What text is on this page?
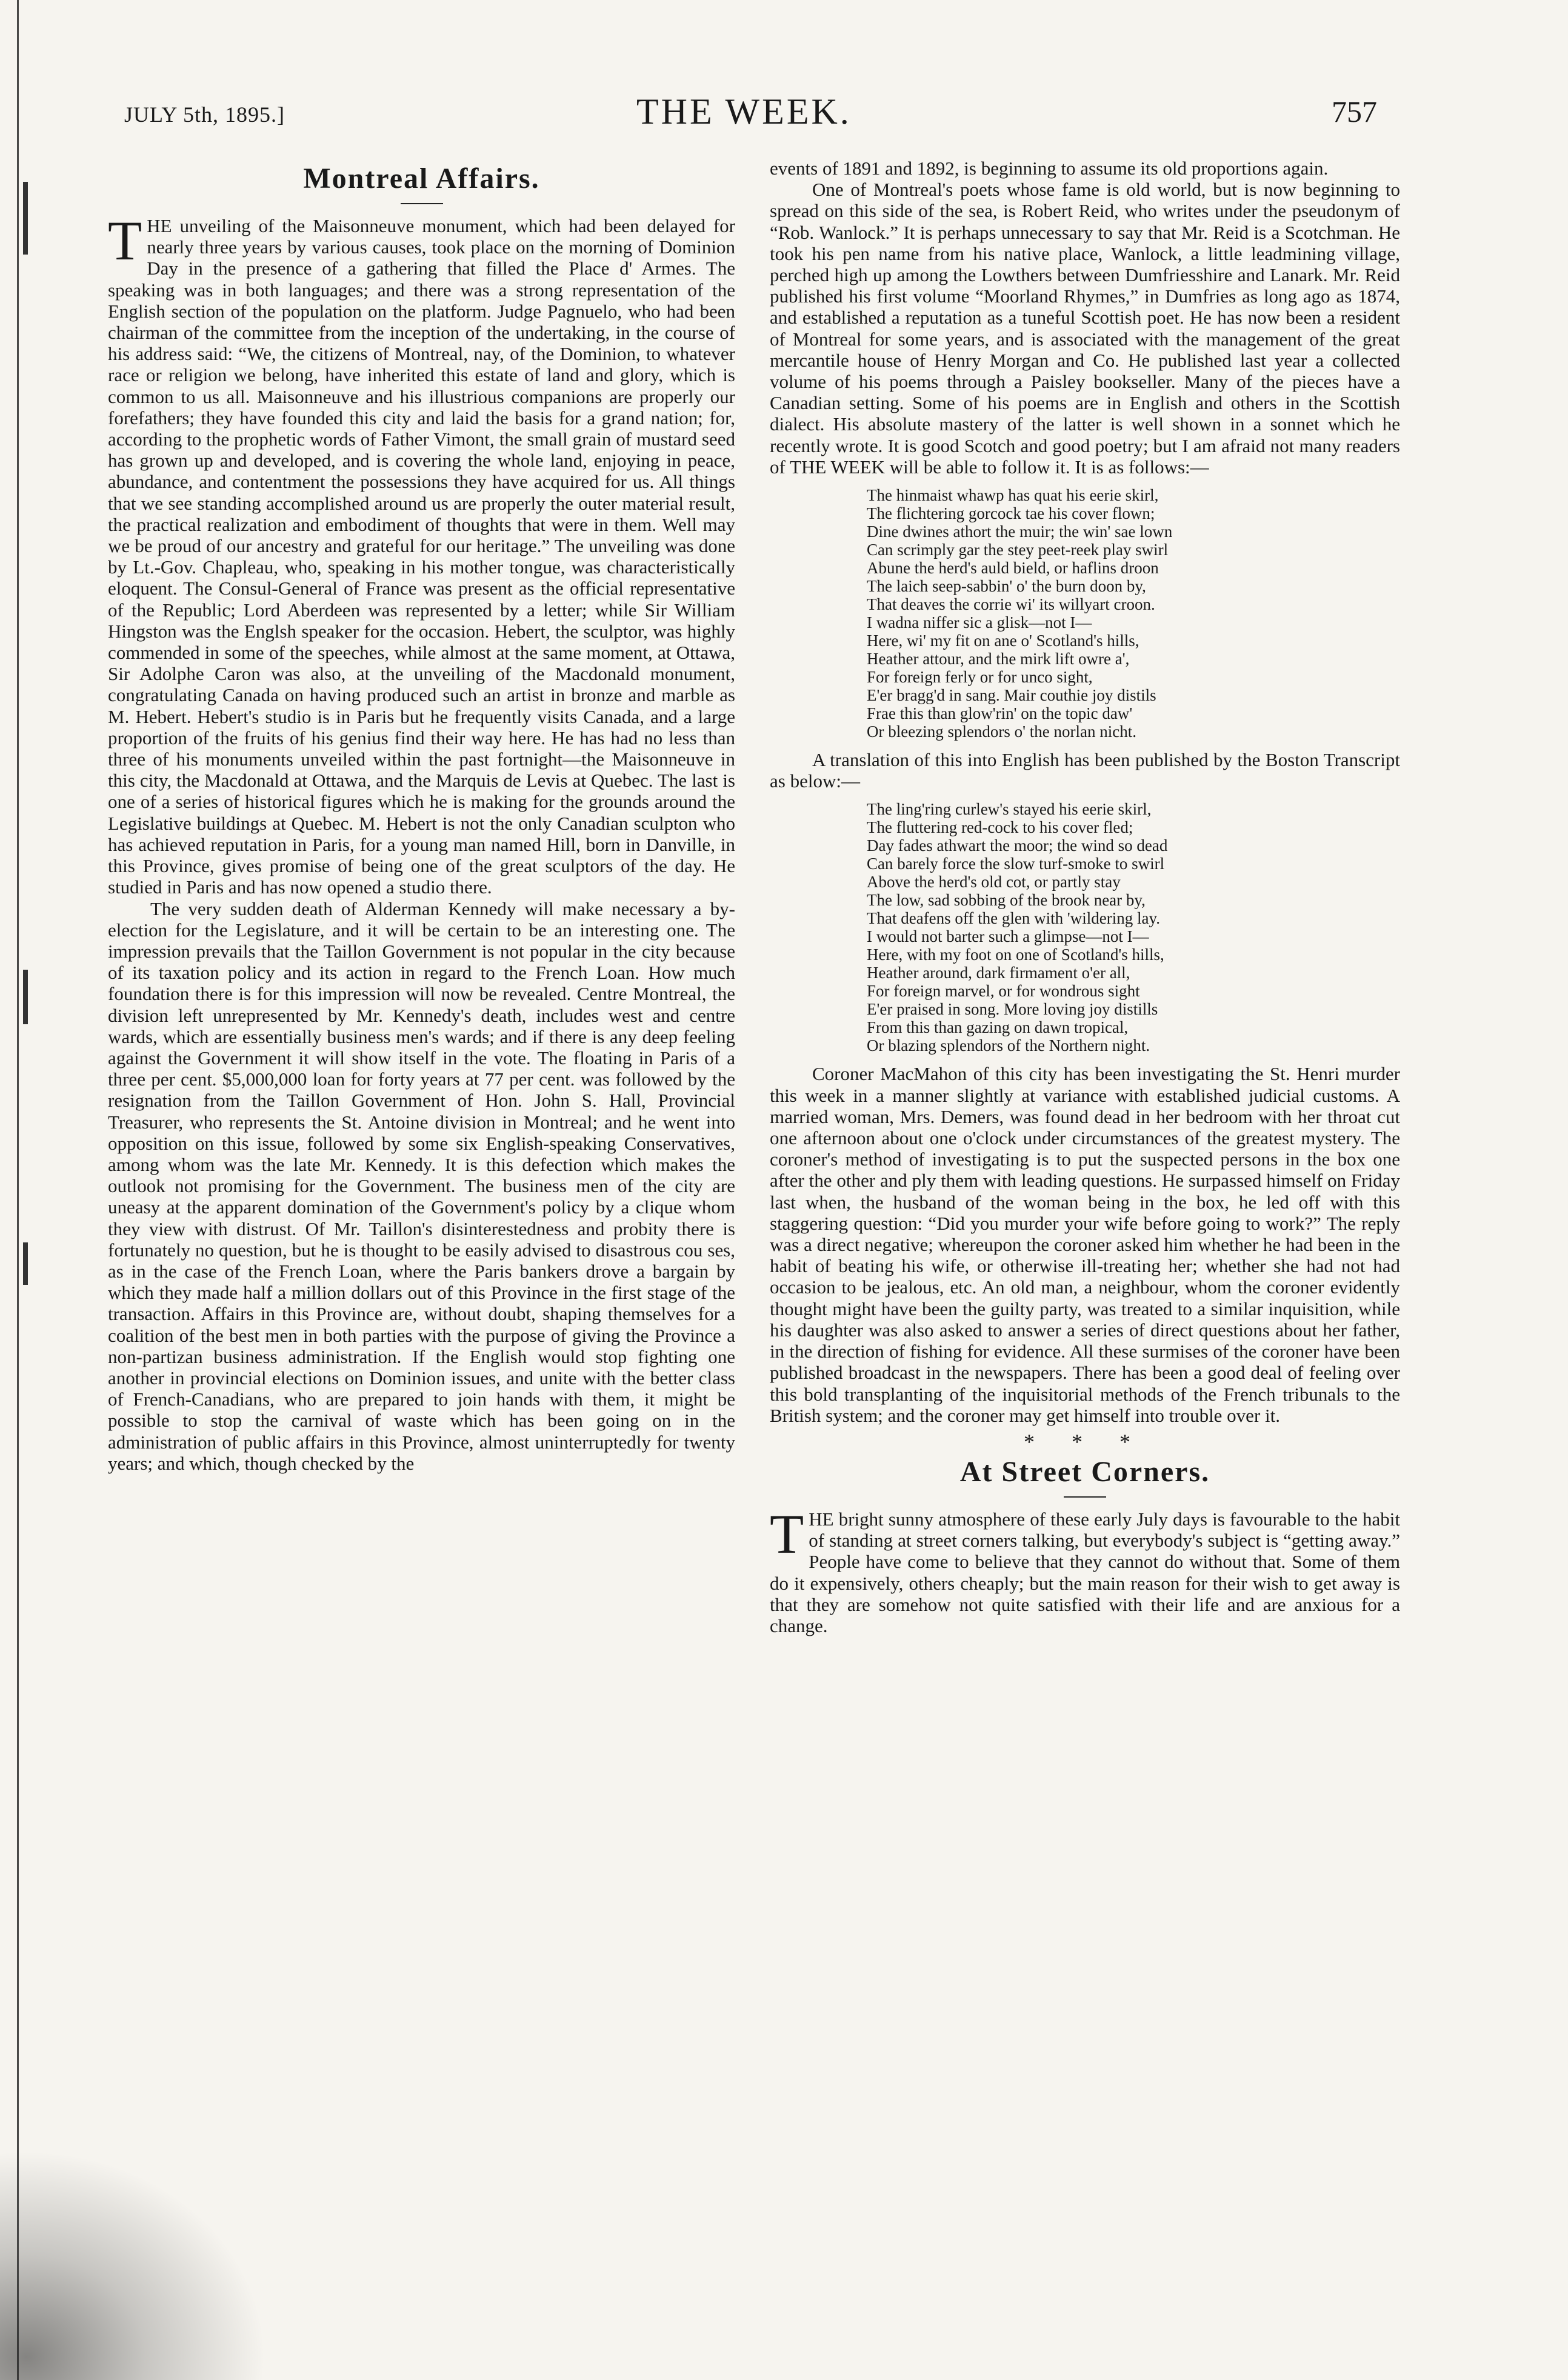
JULY 5th, 1895.]	THE WEEK.	757
Montreal Affairs.

THE unveiling of the Maisonneuve monument, which had been delayed for nearly three years by various causes, took place on the morning of Dominion Day in the presence of a gathering that filled the Place d' Armes. The speaking was in both languages; and there was a strong representation of the English section of the population on the platform. Judge Pagnuelo, who had been chairman of the committee from the inception of the undertaking, in the course of his address said: “We, the citizens of Montreal, nay, of the Dominion, to whatever race or religion we belong, have inherited this estate of land and glory, which is common to us all. Maisonneuve and his illustrious companions are properly our forefathers; they have founded this city and laid the basis for a grand nation; for, according to the prophetic words of Father Vimont, the small grain of mustard seed has grown up and developed, and is covering the whole land, enjoying in peace, abundance, and contentment the possessions they have acquired for us. All things that we see standing accomplished around us are properly the outer material result, the practical realization and embodiment of thoughts that were in them. Well may we be proud of our ancestry and grateful for our heritage.” The unveiling was done by Lt.-Gov. Chapleau, who, speaking in his mother tongue, was characteristically eloquent. The Consul-General of France was present as the official representative of the Republic; Lord Aberdeen was represented by a letter; while Sir William Hingston was the Englsh speaker for the occasion. Hebert, the sculptor, was highly commended in some of the speeches, while almost at the same moment, at Ottawa, Sir Adolphe Caron was also, at the unveiling of the Macdonald monument, congratulating Canada on having produced such an artist in bronze and marble as M. Hebert. Hebert's studio is in Paris but he frequently visits Canada, and a large proportion of the fruits of his genius find their way here. He has had no less than three of his monuments unveiled within the past fortnight—the Maisonneuve in this city, the Macdonald at Ottawa, and the Marquis de Levis at Quebec. The last is one of a series of historical figures which he is making for the grounds around the Legislative buildings at Quebec. M. Hebert is not the only Canadian sculpton who has achieved reputation in Paris, for a young man named Hill, born in Danville, in this Province, gives promise of being one of the great sculptors of the day. He studied in Paris and has now opened a studio there.

The very sudden death of Alderman Kennedy will make necessary a by-election for the Legislature, and it will be certain to be an interesting one. The impression prevails that the Taillon Government is not popular in the city because of its taxation policy and its action in regard to the French Loan. How much foundation there is for this impression will now be revealed. Centre Montreal, the division left unrepresented by Mr. Kennedy's death, includes west and centre wards, which are essentially business men's wards; and if there is any deep feeling against the Government it will show itself in the vote. The floating in Paris of a three per cent. $5,000,000 loan for forty years at 77 per cent. was followed by the resignation from the Taillon Government of Hon. John S. Hall, Provincial Treasurer, who represents the St. Antoine division in Montreal; and he went into opposition on this issue, followed by some six English-speaking Conservatives, among whom was the late Mr. Kennedy. It is this defection which makes the outlook not promising for the Government. The business men of the city are uneasy at the apparent domination of the Government's policy by a clique whom they view with distrust. Of Mr. Taillon's disinterestedness and probity there is fortunately no question, but he is thought to be easily advised to disastrous cou ses, as in the case of the French Loan, where the Paris bankers drove a bargain by which they made half a million dollars out of this Province in the first stage of the transaction. Affairs in this Province are, without doubt, shaping themselves for a coalition of the best men in both parties with the purpose of giving the Province a non-partizan business administration. If the English would stop fighting one another in provincial elections on Dominion issues, and unite with the better class of French-Canadians, who are prepared to join hands with them, it might be possible to stop the carnival of waste which has been going on in the administration of public affairs in this Province, almost uninterruptedly for twenty years; and which, though checked by the

events of 1891 and 1892, is beginning to assume its old proportions again.

One of Montreal's poets whose fame is old world, but is now beginning to spread on this side of the sea, is Robert Reid, who writes under the pseudonym of “Rob. Wanlock.” It is perhaps unnecessary to say that Mr. Reid is a Scotchman. He took his pen name from his native place, Wanlock, a little leadmining village, perched high up among the Lowthers between Dumfriesshire and Lanark. Mr. Reid published his first volume “Moorland Rhymes,” in Dumfries as long ago as 1874, and established a reputation as a tuneful Scottish poet. He has now been a resident of Montreal for some years, and is associated with the management of the great mercantile house of Henry Morgan and Co. He published last year a collected volume of his poems through a Paisley bookseller. Many of the pieces have a Canadian setting. Some of his poems are in English and others in the Scottish dialect. His absolute mastery of the latter is well shown in a sonnet which he recently wrote. It is good Scotch and good poetry; but I am afraid not many readers of THE WEEK will be able to follow it. It is as follows:—

The hinmaist whawp has quat his eerie skirl,
The flichtering gorcock tae his cover flown;
Dine dwines athort the muir; the win' sae lown
Can scrimply gar the stey peet-reek play swirl
Abune the herd's auld bield, or haflins droon
The laich seep-sabbin' o' the burn doon by,
That deaves the corrie wi' its willyart croon.
I wadna niffer sic a glisk—not I—
Here, wi' my fit on ane o' Scotland's hills,
Heather attour, and the mirk lift owre a',
For foreign ferly or for unco sight,
E'er bragg'd in sang. Mair couthie joy distils
Frae this than glow'rin' on the topic daw'
Or bleezing splendors o' the norlan nicht.

A translation of this into English has been published by the Boston Transcript as below:—

The ling'ring curlew's stayed his eerie skirl,
The fluttering red-cock to his cover fled;
Day fades athwart the moor; the wind so dead
Can barely force the slow turf-smoke to swirl
Above the herd's old cot, or partly stay
The low, sad sobbing of the brook near by,
That deafens off the glen with 'wildering lay.
I would not barter such a glimpse—not I—
Here, with my foot on one of Scotland's hills,
Heather around, dark firmament o'er all,
For foreign marvel, or for wondrous sight
E'er praised in song. More loving joy distills
From this than gazing on dawn tropical,
Or blazing splendors of the Northern night.

Coroner MacMahon of this city has been investigating the St. Henri murder this week in a manner slightly at variance with established judicial customs. A married woman, Mrs. Demers, was found dead in her bedroom with her throat cut one afternoon about one o'clock under circumstances of the greatest mystery. The coroner's method of investigating is to put the suspected persons in the box one after the other and ply them with leading questions. He surpassed himself on Friday last when, the husband of the woman being in the box, he led off with this staggering question: “Did you murder your wife before going to work?” The reply was a direct negative; whereupon the coroner asked him whether he had been in the habit of beating his wife, or otherwise ill-treating her; whether she had not had occasion to be jealous, etc. An old man, a neighbour, whom the coroner evidently thought might have been the guilty party, was treated to a similar inquisition, while his daughter was also asked to answer a series of direct questions about her father, in the direction of fishing for evidence. All these surmises of the coroner have been published broadcast in the newspapers. There has been a good deal of feeling over this bold transplanting of the inquisitorial methods of the French tribunals to the British system; and the coroner may get himself into trouble over it.

* * *
At Street Corners.

THE bright sunny atmosphere of these early July days is favourable to the habit of standing at street corners talking, but everybody's subject is “getting away.” People have come to believe that they cannot do without that. Some of them do it expensively, others cheaply; but the main reason for their wish to get away is that they are somehow not quite satisfied with their life and are anxious for a change.
